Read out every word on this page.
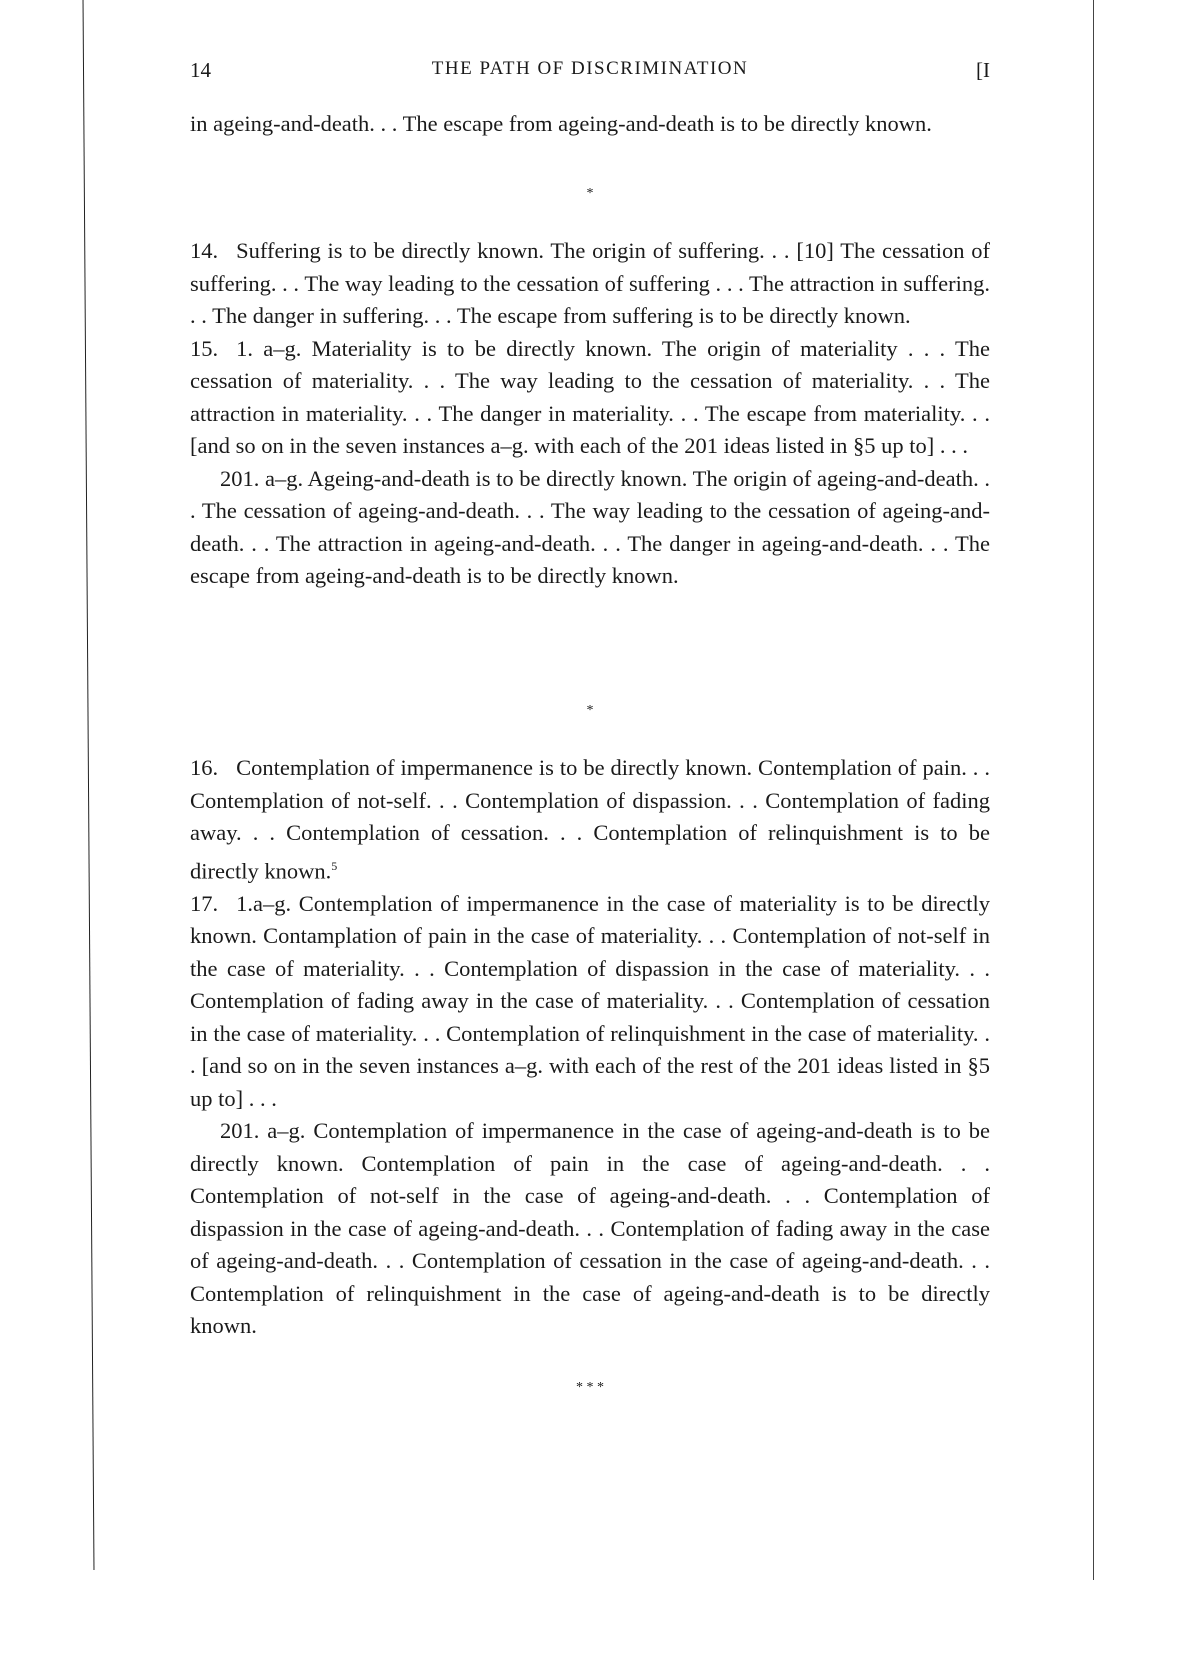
14	THE PATH OF DISCRIMINATION	[I

in ageing-and-death. . . The escape from ageing-and-death is to be directly known.

*

14. Suffering is to be directly known. The origin of suffering. . . [10] The cessation of suffering. . . The way leading to the cessation of suffering . . . The attraction in suffering. . . The danger in suffering. . . The escape from suffering is to be directly known.

15. 1. a–g. Materiality is to be directly known. The origin of materiality . . . The cessation of materiality. . . The way leading to the cessation of materiality. . . The attraction in materiality. . . The danger in materiality. . . The escape from materiality. . . [and so on in the seven instances a–g. with each of the 201 ideas listed in §5 up to] . . .

201. a–g. Ageing-and-death is to be directly known. The origin of ageing-and-death. . . The cessation of ageing-and-death. . . The way leading to the cessation of ageing-and-death. . . The attraction in ageing-and-death. . . The danger in ageing-and-death. . . The escape from ageing-and-death is to be directly known.

*

16. Contemplation of impermanence is to be directly known. Contemplation of pain. . . Contemplation of not-self. . . Contemplation of dispassion. . . Contemplation of fading away. . . Contemplation of cessation. . . Contemplation of relinquishment is to be directly known.$^5$

17. 1.a–g. Contemplation of impermanence in the case of materiality is to be directly known. Contamplation of pain in the case of materiality. . . Contemplation of not-self in the case of materiality. . . Contemplation of dispassion in the case of materiality. . . Contemplation of fading away in the case of materiality. . . Contemplation of cessation in the case of materiality. . . Contemplation of relinquishment in the case of materiality. . . [and so on in the seven instances a–g. with each of the rest of the 201 ideas listed in §5 up to] . . .

201. a–g. Contemplation of impermanence in the case of ageing-and-death is to be directly known. Contemplation of pain in the case of ageing-and-death. . . Contemplation of not-self in the case of ageing-and-death. . . Contemplation of dispassion in the case of ageing-and-death. . . Contemplation of fading away in the case of ageing-and-death. . . Contemplation of cessation in the case of ageing-and-death. . . Contemplation of relinquishment in the case of ageing-and-death is to be directly known.

* * *
